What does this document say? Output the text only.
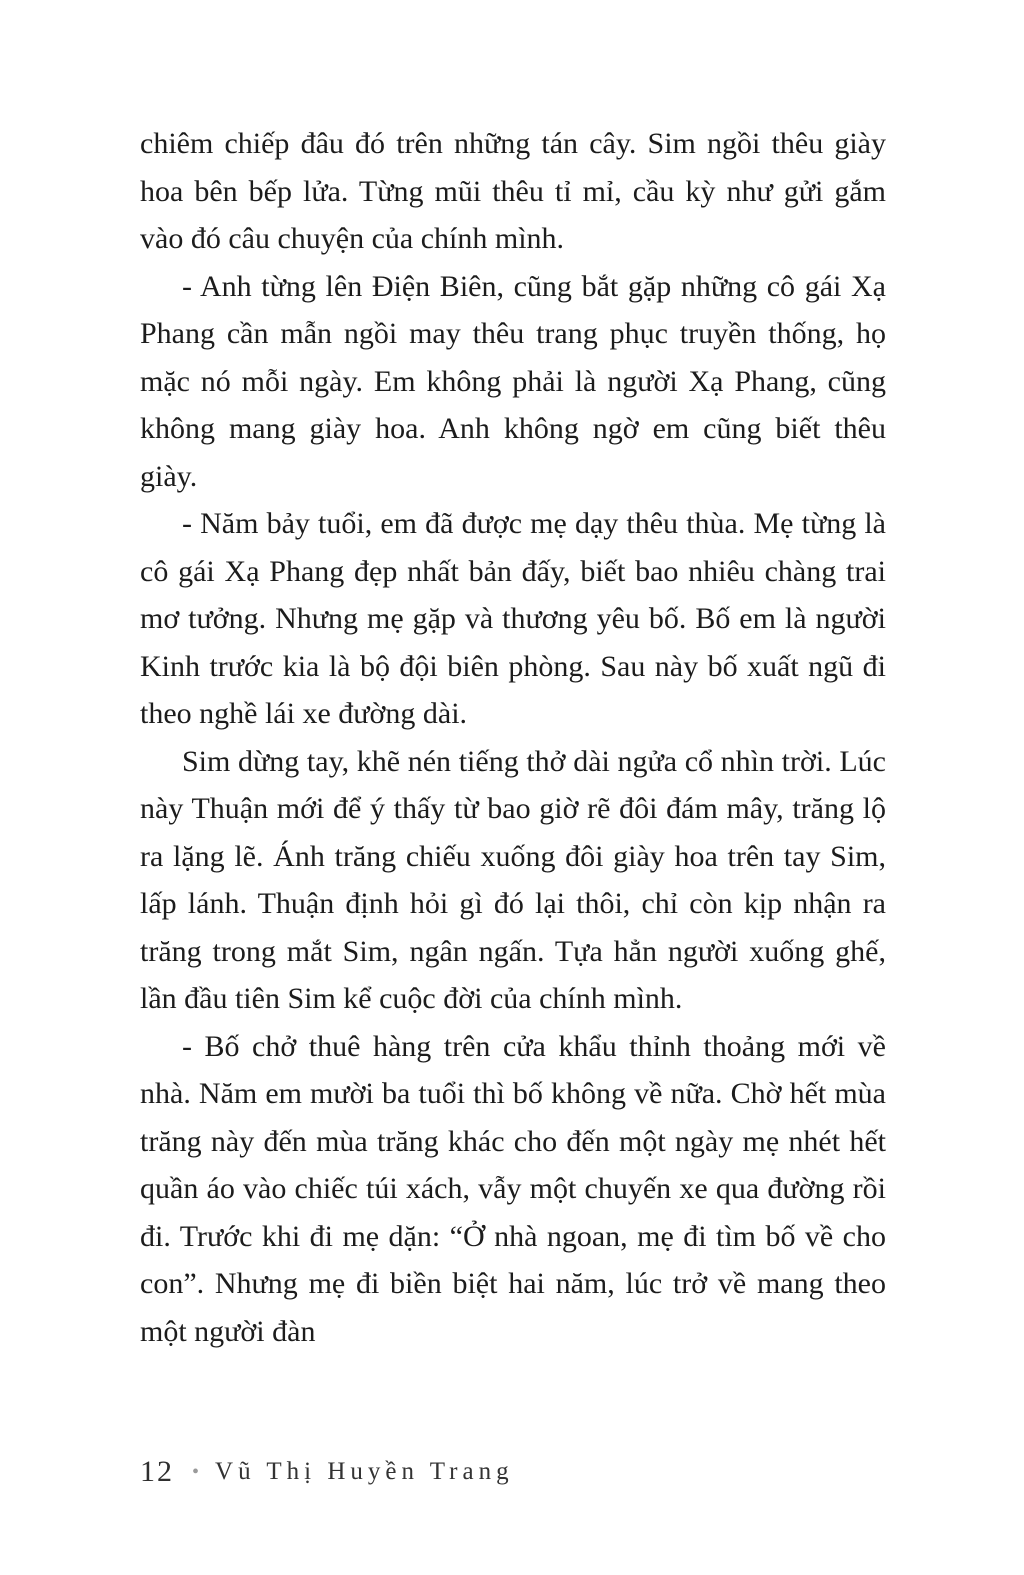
chiêm chiếp đâu đó trên những tán cây. Sim ngồi thêu giày hoa bên bếp lửa. Từng mũi thêu tỉ mỉ, cầu kỳ như gửi gắm vào đó câu chuyện của chính mình.

- Anh từng lên Điện Biên, cũng bắt gặp những cô gái Xạ Phang cần mẫn ngồi may thêu trang phục truyền thống, họ mặc nó mỗi ngày. Em không phải là người Xạ Phang, cũng không mang giày hoa. Anh không ngờ em cũng biết thêu giày.

- Năm bảy tuổi, em đã được mẹ dạy thêu thùa. Mẹ từng là cô gái Xạ Phang đẹp nhất bản đấy, biết bao nhiêu chàng trai mơ tưởng. Nhưng mẹ gặp và thương yêu bố. Bố em là người Kinh trước kia là bộ đội biên phòng. Sau này bố xuất ngũ đi theo nghề lái xe đường dài.

Sim dừng tay, khẽ nén tiếng thở dài ngửa cổ nhìn trời. Lúc này Thuận mới để ý thấy từ bao giờ rẽ đôi đám mây, trăng lộ ra lặng lẽ. Ánh trăng chiếu xuống đôi giày hoa trên tay Sim, lấp lánh. Thuận định hỏi gì đó lại thôi, chỉ còn kịp nhận ra trăng trong mắt Sim, ngân ngấn. Tựa hẳn người xuống ghế, lần đầu tiên Sim kể cuộc đời của chính mình.

- Bố chở thuê hàng trên cửa khẩu thỉnh thoảng mới về nhà. Năm em mười ba tuổi thì bố không về nữa. Chờ hết mùa trăng này đến mùa trăng khác cho đến một ngày mẹ nhét hết quần áo vào chiếc túi xách, vẫy một chuyến xe qua đường rồi đi. Trước khi đi mẹ dặn: “Ở nhà ngoan, mẹ đi tìm bố về cho con”. Nhưng mẹ đi biền biệt hai năm, lúc trở về mang theo một người đàn

12 • Vũ Thị Huyền Trang
